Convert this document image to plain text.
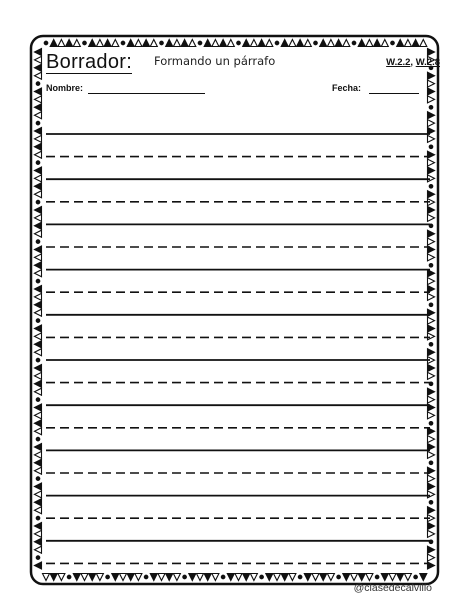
Borrador: Formando un párrafo	W.2.2, W.2.8
Nombre:	Fecha:
@clasedecalvillo
